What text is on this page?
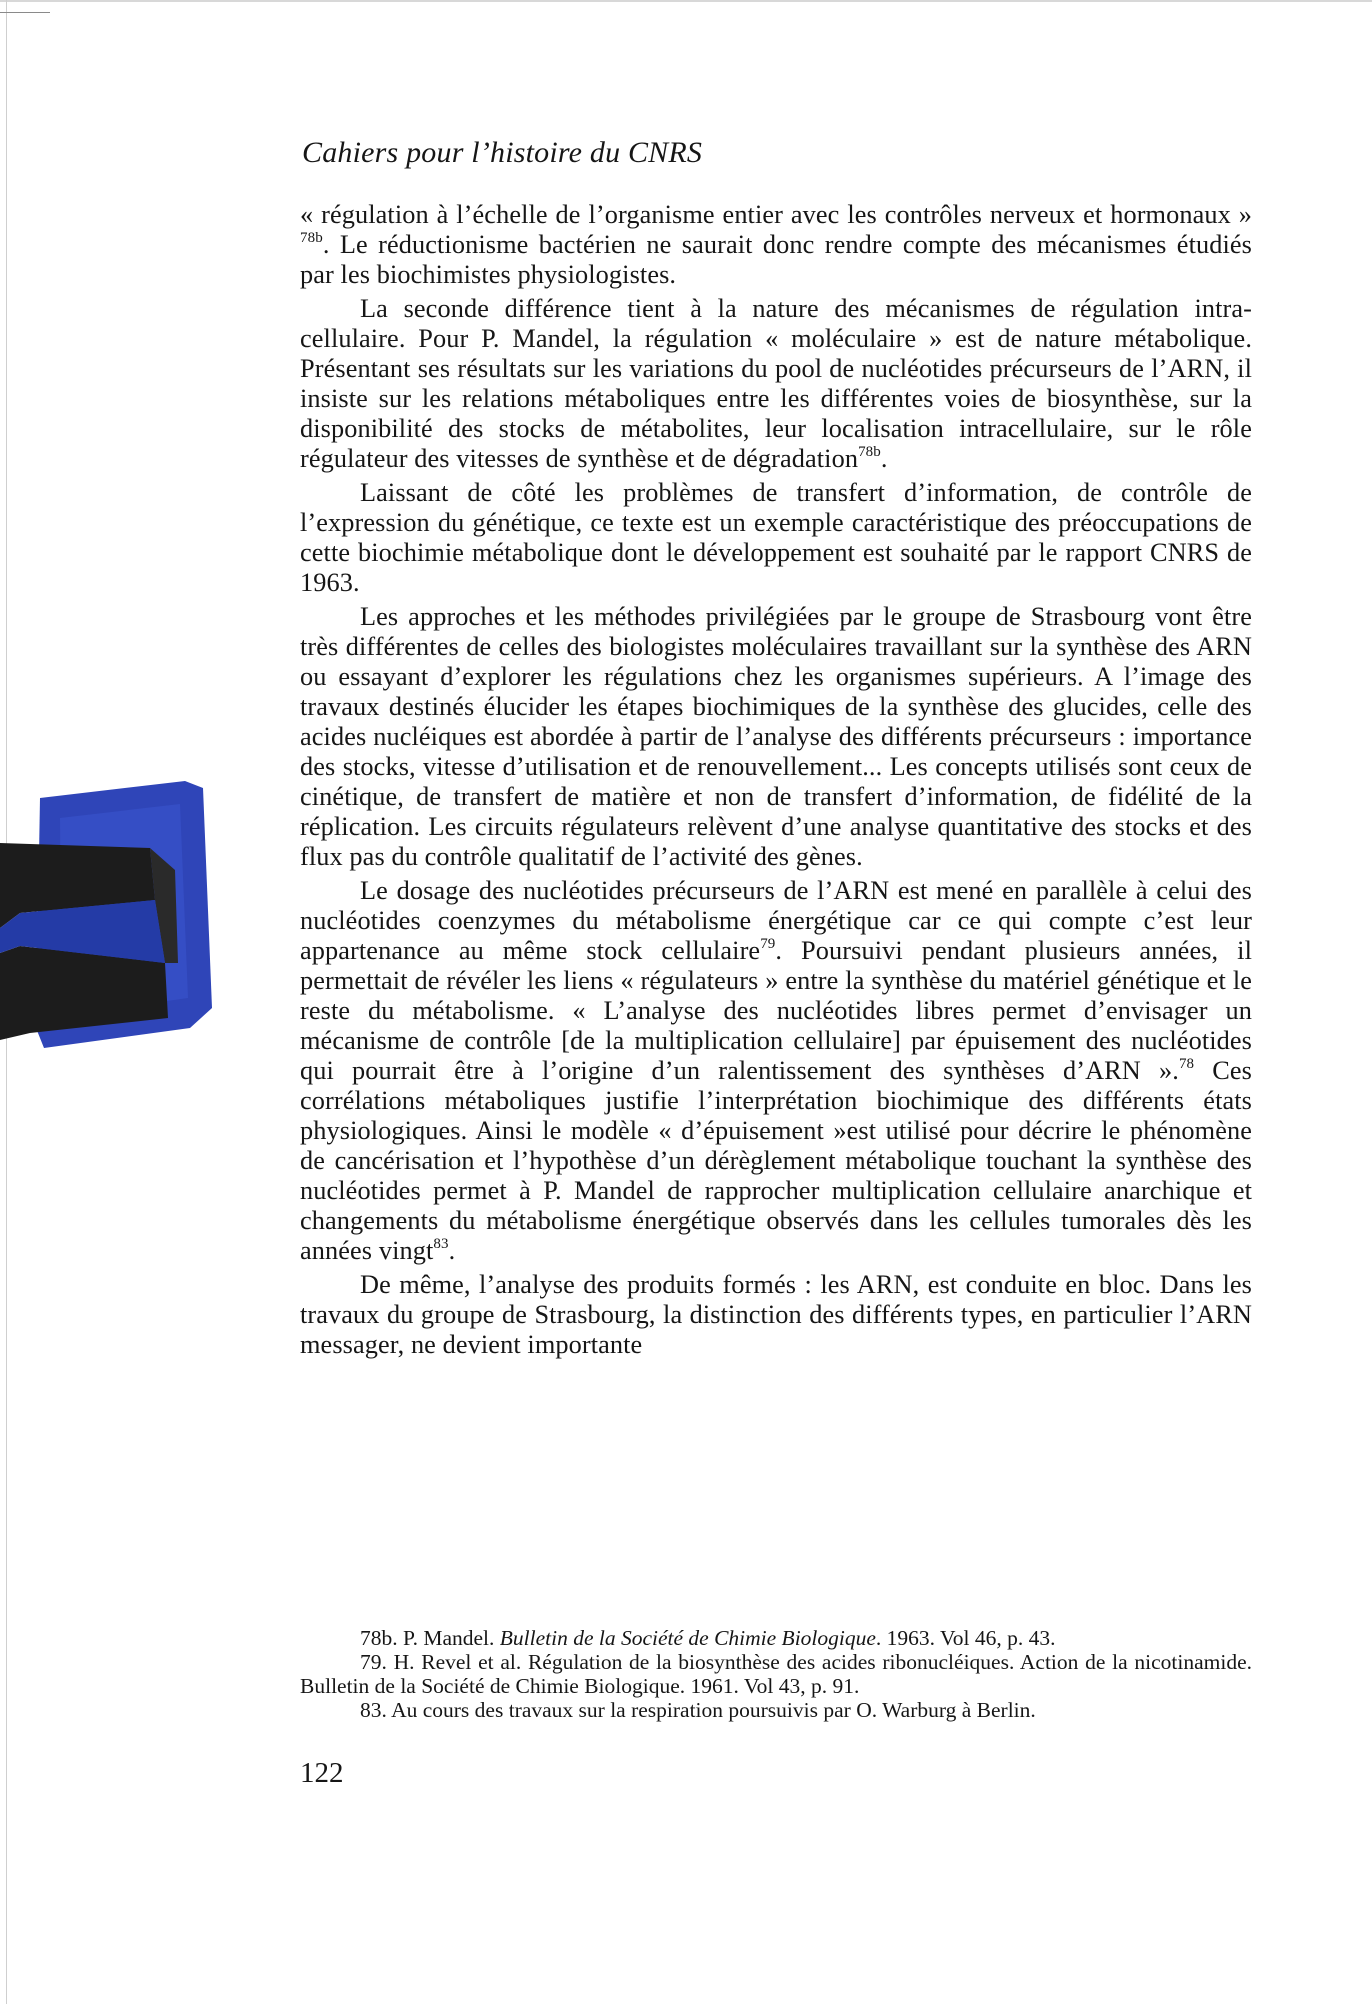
Cahiers pour l’histoire du CNRS

« régulation à l’échelle de l’organisme entier avec les contrôles nerveux et hormonaux » $^{78b}$. Le réductionisme bactérien ne saurait donc rendre compte des mécanismes étudiés par les biochimistes physiologistes.

La seconde différence tient à la nature des mécanismes de régulation intra-cellulaire. Pour P. Mandel, la régulation « moléculaire » est de nature métabolique. Présentant ses résultats sur les variations du pool de nucléotides précurseurs de l’ARN, il insiste sur les relations métaboliques entre les différentes voies de biosynthèse, sur la disponibilité des stocks de métabolites, leur localisation intracellulaire, sur le rôle régulateur des vitesses de synthèse et de dégradation$^{78b}$.

Laissant de côté les problèmes de transfert d’information, de contrôle de l’expression du génétique, ce texte est un exemple caractéristique des préoccupations de cette biochimie métabolique dont le développement est souhaité par le rapport CNRS de 1963.

Les approches et les méthodes privilégiées par le groupe de Strasbourg vont être très différentes de celles des biologistes moléculaires travaillant sur la synthèse des ARN ou essayant d’explorer les régulations chez les organismes supérieurs. A l’image des travaux destinés élucider les étapes biochimiques de la synthèse des glucides, celle des acides nucléiques est abordée à partir de l’analyse des différents précurseurs : importance des stocks, vitesse d’utilisation et de renouvellement... Les concepts utilisés sont ceux de cinétique, de transfert de matière et non de transfert d’information, de fidélité de la réplication. Les circuits régulateurs relèvent d’une analyse quantitative des stocks et des flux pas du contrôle qualitatif de l’activité des gènes.

Le dosage des nucléotides précurseurs de l’ARN est mené en parallèle à celui des nucléotides coenzymes du métabolisme énergétique car ce qui compte c’est leur appartenance au même stock cellulaire$^{79}$. Poursuivi pendant plusieurs années, il permettait de révéler les liens « régulateurs » entre la synthèse du matériel génétique et le reste du métabolisme. « L’analyse des nucléotides libres permet d’envisager un mécanisme de contrôle [de la multiplication cellulaire] par épuisement des nucléotides qui pourrait être à l’origine d’un ralentissement des synthèses d’ARN ».$^{78}$ Ces corrélations métaboliques justifie l’interprétation biochimique des différents états physiologiques. Ainsi le modèle « d’épuisement »est utilisé pour décrire le phénomène de cancérisation et l’hypothèse d’un dérèglement métabolique touchant la synthèse des nucléotides permet à P. Mandel de rapprocher multiplication cellulaire anarchique et changements du métabolisme énergétique observés dans les cellules tumorales dès les années vingt$^{83}$.

De même, l’analyse des produits formés : les ARN, est conduite en bloc. Dans les travaux du groupe de Strasbourg, la distinction des différents types, en particulier l’ARN messager, ne devient importante

78b. P. Mandel. Bulletin de la Société de Chimie Biologique. 1963. Vol 46, p. 43.

79. H. Revel et al. Régulation de la biosynthèse des acides ribonucléiques. Action de la nicotinamide. Bulletin de la Société de Chimie Biologique. 1961. Vol 43, p. 91.

83. Au cours des travaux sur la respiration poursuivis par O. Warburg à Berlin.

122
